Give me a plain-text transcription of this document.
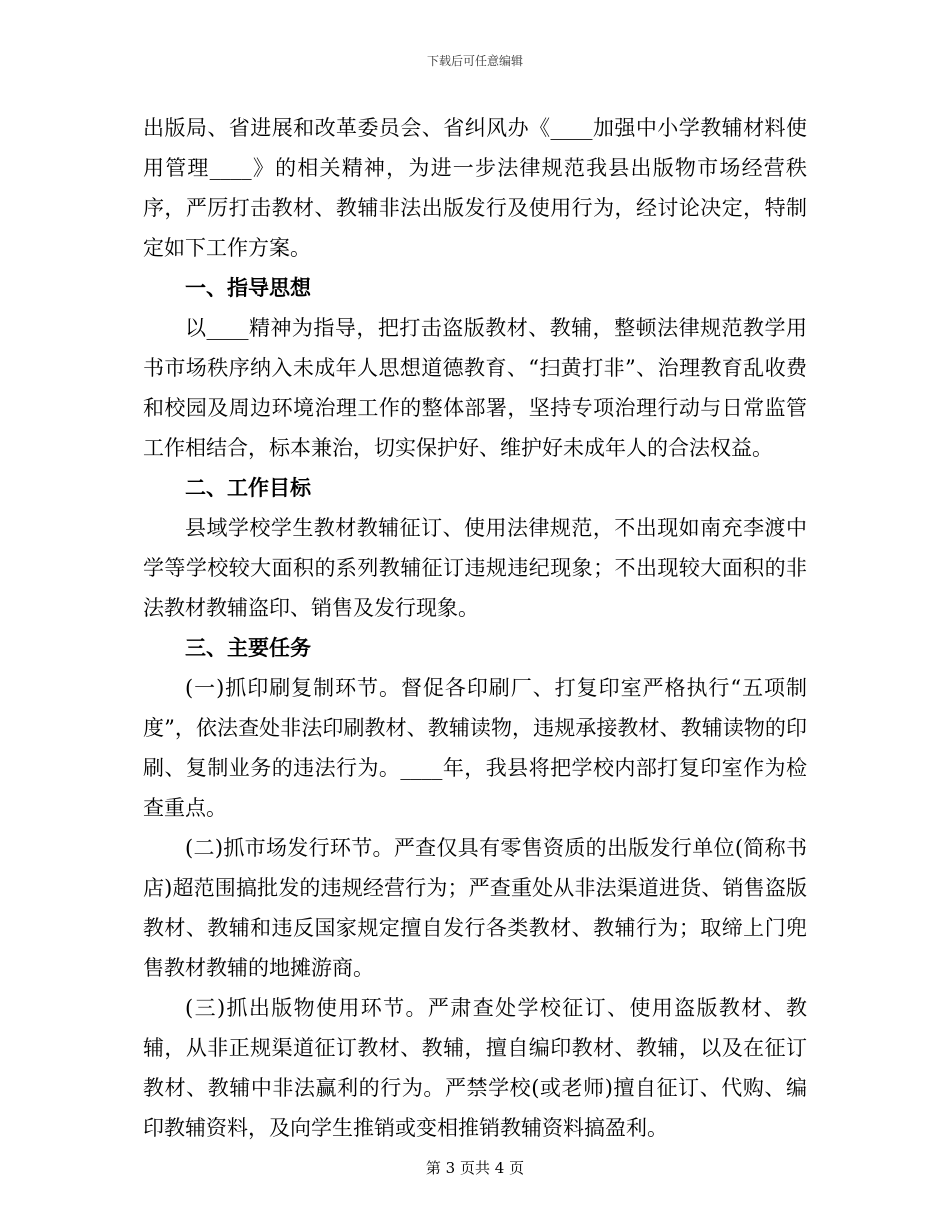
下载后可任意编辑

出版局、省进展和改革委员会、省纠风办《____加强中小学教辅材料使用管理____》的相关精神，为进一步法律规范我县出版物市场经营秩序，严厉打击教材、教辅非法出版发行及使用行为，经讨论决定，特制定如下工作方案。

一、指导思想

以____精神为指导，把打击盗版教材、教辅，整顿法律规范教学用书市场秩序纳入未成年人思想道德教育、“扫黄打非”、治理教育乱收费和校园及周边环境治理工作的整体部署，坚持专项治理行动与日常监管工作相结合，标本兼治，切实保护好、维护好未成年人的合法权益。

二、工作目标

县域学校学生教材教辅征订、使用法律规范，不出现如南充李渡中学等学校较大面积的系列教辅征订违规违纪现象；不出现较大面积的非法教材教辅盗印、销售及发行现象。

三、主要任务

(一)抓印刷复制环节。督促各印刷厂、打复印室严格执行“五项制度”，依法查处非法印刷教材、教辅读物，违规承接教材、教辅读物的印刷、复制业务的违法行为。____年，我县将把学校内部打复印室作为检查重点。

(二)抓市场发行环节。严查仅具有零售资质的出版发行单位(简称书店)超范围搞批发的违规经营行为；严查重处从非法渠道进货、销售盗版教材、教辅和违反国家规定擅自发行各类教材、教辅行为；取缔上门兜售教材教辅的地摊游商。

(三)抓出版物使用环节。严肃查处学校征订、使用盗版教材、教辅，从非正规渠道征订教材、教辅，擅自编印教材、教辅，以及在征订教材、教辅中非法赢利的行为。严禁学校(或老师)擅自征订、代购、编印教辅资料，及向学生推销或变相推销教辅资料搞盈利。

第 3 页共 4 页
